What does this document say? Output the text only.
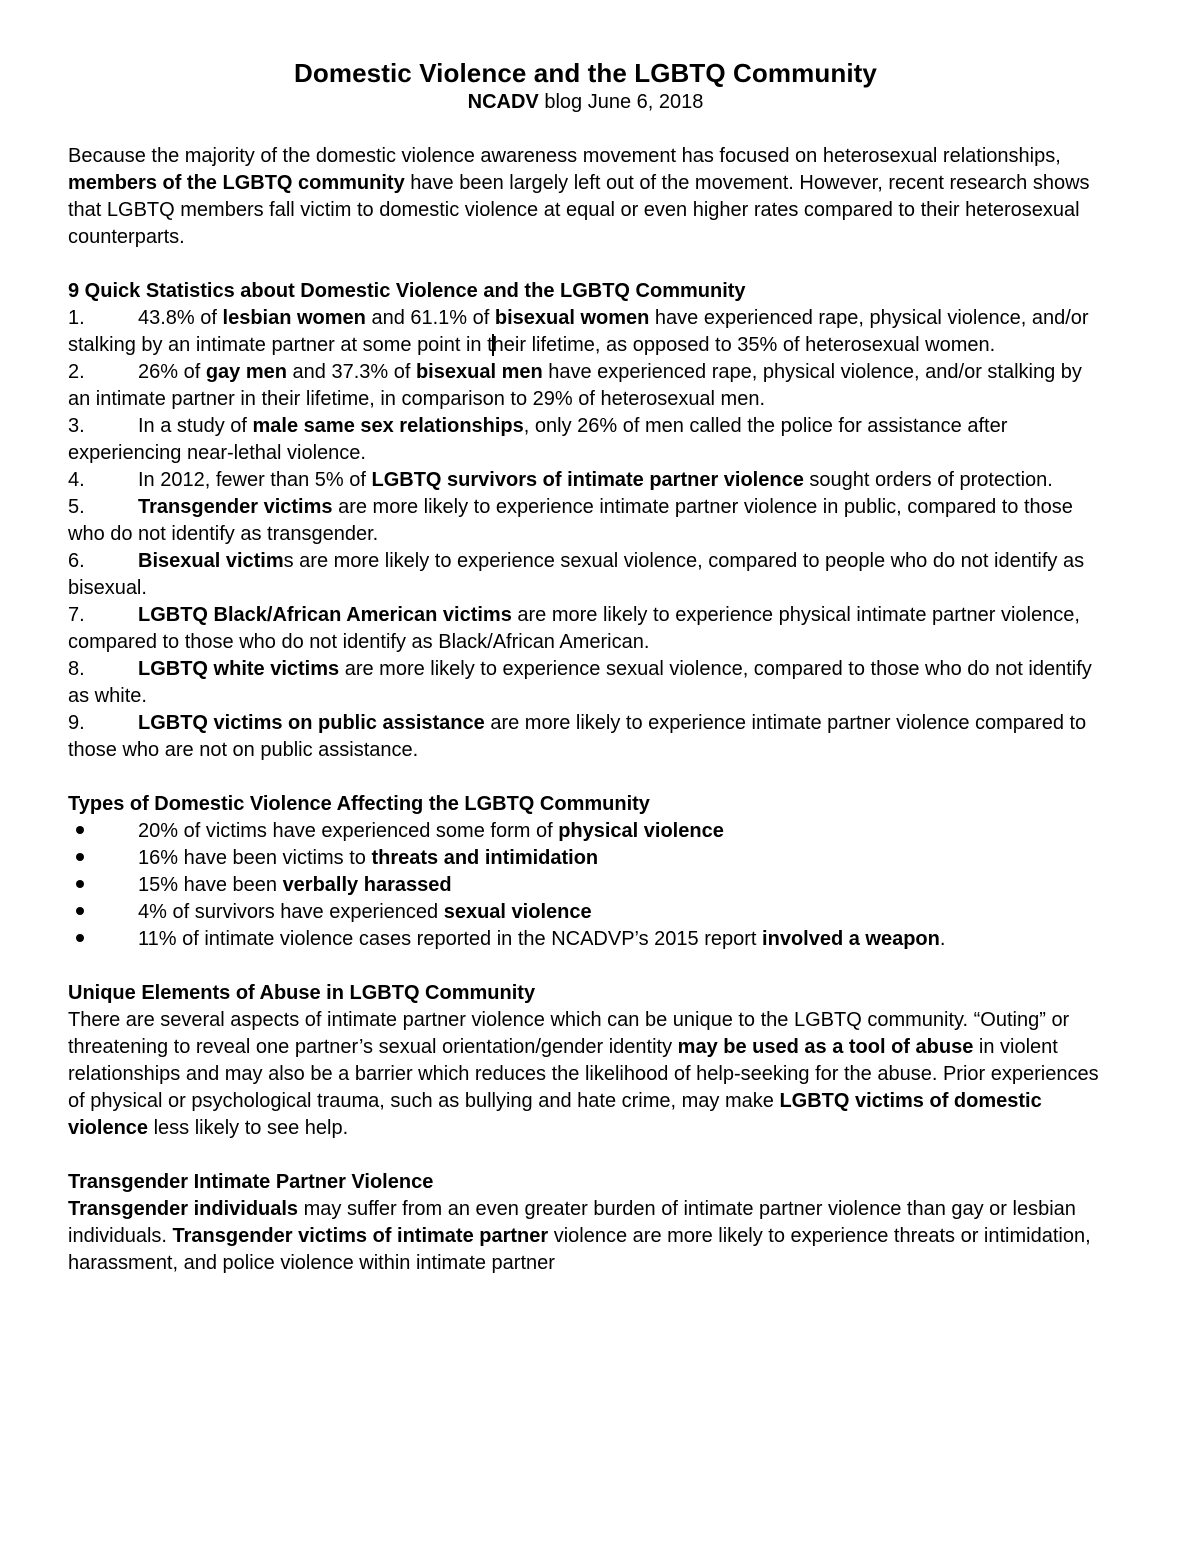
Domestic Violence and the LGBTQ Community
NCADV blog June 6, 2018

Because the majority of the domestic violence awareness movement has focused on heterosexual relationships, members of the LGBTQ community have been largely left out of the movement. However, recent research shows that LGBTQ members fall victim to domestic violence at equal or even higher rates compared to their heterosexual counterparts.

9 Quick Statistics about Domestic Violence and the LGBTQ Community
1.	43.8% of lesbian women and 61.1% of bisexual women have experienced rape, physical violence, and/or stalking by an intimate partner at some point in their lifetime, as opposed to 35% of heterosexual women.
2.	26% of gay men and 37.3% of bisexual men have experienced rape, physical violence, and/or stalking by an intimate partner in their lifetime, in comparison to 29% of heterosexual men.
3.	In a study of male same sex relationships, only 26% of men called the police for assistance after experiencing near-lethal violence.
4.	In 2012, fewer than 5% of LGBTQ survivors of intimate partner violence sought orders of protection.
5.	Transgender victims are more likely to experience intimate partner violence in public, compared to those who do not identify as transgender.
6.	Bisexual victims are more likely to experience sexual violence, compared to people who do not identify as bisexual.
7.	LGBTQ Black/African American victims are more likely to experience physical intimate partner violence, compared to those who do not identify as Black/African American.
8.	LGBTQ white victims are more likely to experience sexual violence, compared to those who do not identify as white.
9.	LGBTQ victims on public assistance are more likely to experience intimate partner violence compared to those who are not on public assistance.

Types of Domestic Violence Affecting the LGBTQ Community
20% of victims have experienced some form of physical violence
16% have been victims to threats and intimidation
15% have been verbally harassed
4% of survivors have experienced sexual violence
11% of intimate violence cases reported in the NCADVP’s 2015 report involved a weapon.

Unique Elements of Abuse in LGBTQ Community

There are several aspects of intimate partner violence which can be unique to the LGBTQ community. “Outing” or threatening to reveal one partner’s sexual orientation/gender identity may be used as a tool of abuse in violent relationships and may also be a barrier which reduces the likelihood of help-seeking for the abuse. Prior experiences of physical or psychological trauma, such as bullying and hate crime, may make LGBTQ victims of domestic violence less likely to see help.

Transgender Intimate Partner Violence

Transgender individuals may suffer from an even greater burden of intimate partner violence than gay or lesbian individuals. Transgender victims of intimate partner violence are more likely to experience threats or intimidation, harassment, and police violence within intimate partner
